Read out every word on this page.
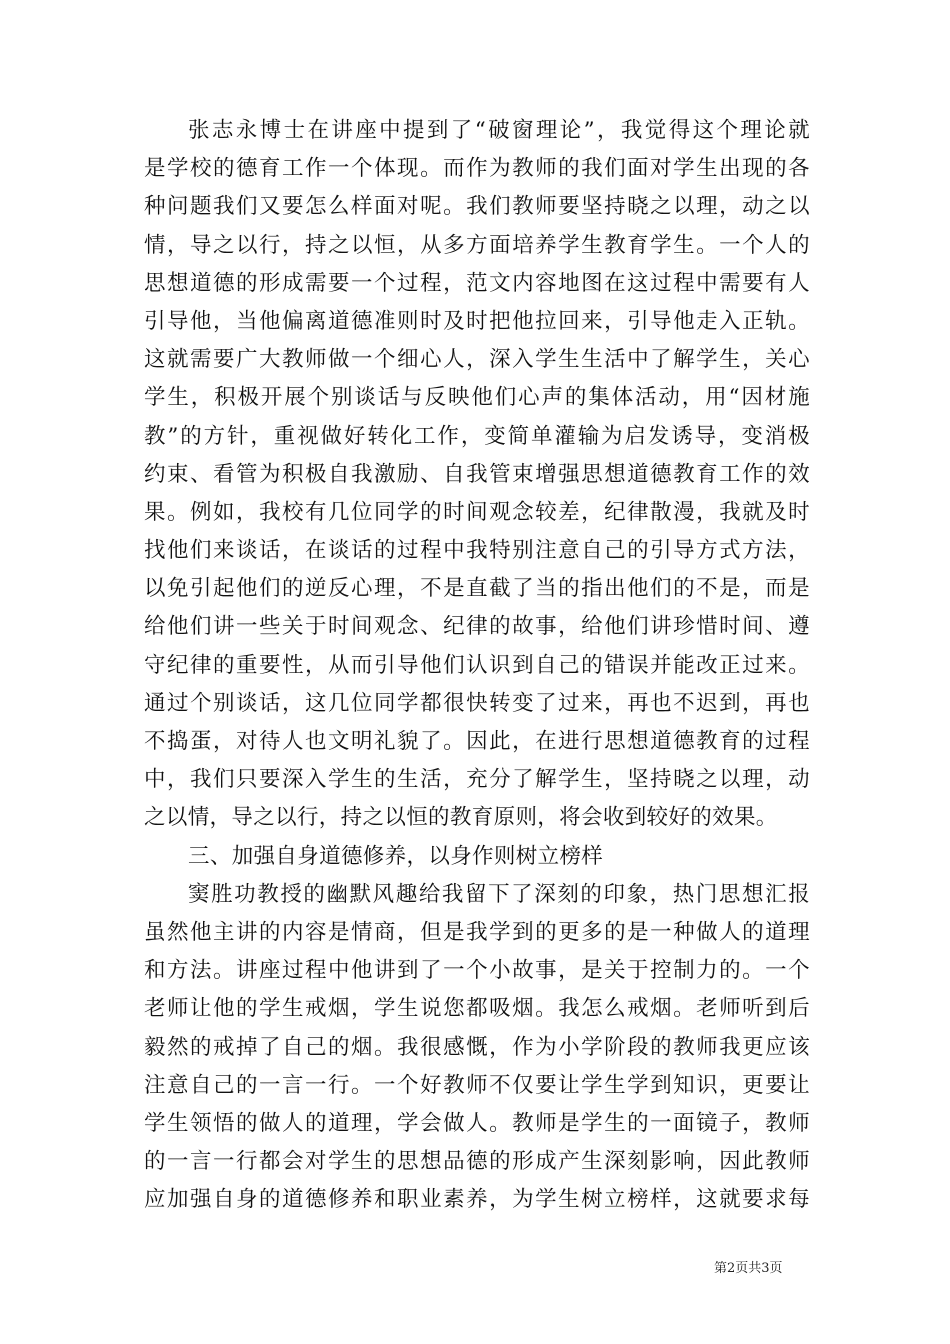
张志永博士在讲座中提到了“破窗理论”，我觉得这个理论就
是学校的德育工作一个体现。而作为教师的我们面对学生出现的各
种问题我们又要怎么样面对呢。我们教师要坚持晓之以理，动之以
情，导之以行，持之以恒，从多方面培养学生教育学生。一个人的
思想道德的形成需要一个过程，范文内容地图在这过程中需要有人
引导他，当他偏离道德准则时及时把他拉回来，引导他走入正轨。
这就需要广大教师做一个细心人，深入学生生活中了解学生，关心
学生，积极开展个别谈话与反映他们心声的集体活动，用“因材施
教”的方针，重视做好转化工作，变简单灌输为启发诱导，变消极
约束、看管为积极自我激励、自我管束增强思想道德教育工作的效
果。例如，我校有几位同学的时间观念较差，纪律散漫，我就及时
找他们来谈话，在谈话的过程中我特别注意自己的引导方式方法，
以免引起他们的逆反心理，不是直截了当的指出他们的不是，而是
给他们讲一些关于时间观念、纪律的故事，给他们讲珍惜时间、遵
守纪律的重要性，从而引导他们认识到自己的错误并能改正过来。
通过个别谈话，这几位同学都很快转变了过来，再也不迟到，再也
不捣蛋，对待人也文明礼貌了。因此，在进行思想道德教育的过程
中，我们只要深入学生的生活，充分了解学生，坚持晓之以理，动
之以情，导之以行，持之以恒的教育原则，将会收到较好的效果。
三、加强自身道德修养，以身作则树立榜样
窦胜功教授的幽默风趣给我留下了深刻的印象，热门思想汇报
虽然他主讲的内容是情商，但是我学到的更多的是一种做人的道理
和方法。讲座过程中他讲到了一个小故事，是关于控制力的。一个
老师让他的学生戒烟，学生说您都吸烟。我怎么戒烟。老师听到后
毅然的戒掉了自己的烟。我很感慨，作为小学阶段的教师我更应该
注意自己的一言一行。一个好教师不仅要让学生学到知识，更要让
学生领悟的做人的道理，学会做人。教师是学生的一面镜子，教师
的一言一行都会对学生的思想品德的形成产生深刻影响，因此教师
应加强自身的道德修养和职业素养，为学生树立榜样，这就要求每
第2页共3页
